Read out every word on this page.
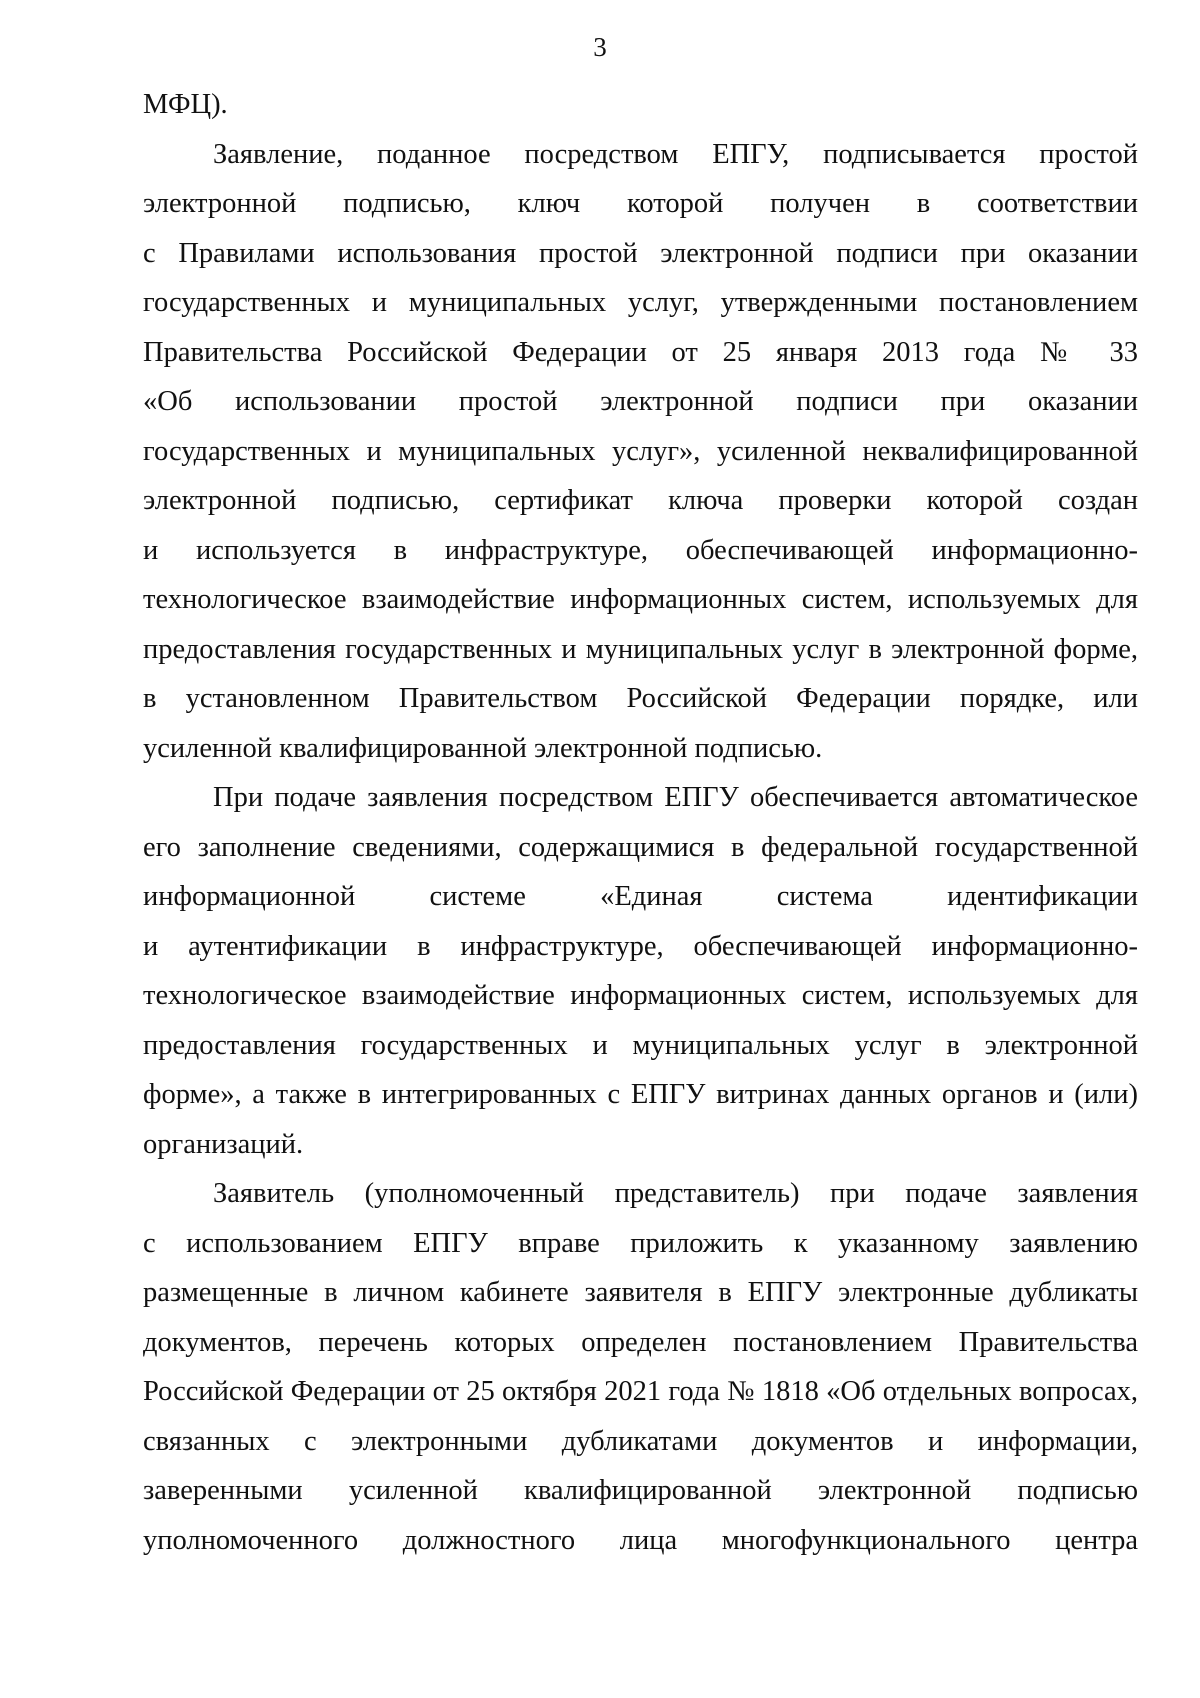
3

МФЦ).

Заявление, поданное посредством ЕПГУ, подписывается простой
электронной подписью, ключ которой получен в соответствии
с Правилами использования простой электронной подписи при оказании
государственных и муниципальных услуг, утвержденными постановлением
Правительства Российской Федерации от 25 января 2013 года № 33
«Об использовании простой электронной подписи при оказании
государственных и муниципальных услуг», усиленной неквалифицированной
электронной подписью, сертификат ключа проверки которой создан
и используется в инфраструктуре, обеспечивающей информационно-
технологическое взаимодействие информационных систем, используемых для
предоставления государственных и муниципальных услуг в электронной форме,
в установленном Правительством Российской Федерации порядке, или
усиленной квалифицированной электронной подписью.

При подаче заявления посредством ЕПГУ обеспечивается автоматическое
его заполнение сведениями, содержащимися в федеральной государственной
информационной системе «Единая система идентификации
и аутентификации в инфраструктуре, обеспечивающей информационно-
технологическое взаимодействие информационных систем, используемых для
предоставления государственных и муниципальных услуг в электронной
форме», а также в интегрированных с ЕПГУ витринах данных органов и (или)
организаций.

Заявитель (уполномоченный представитель) при подаче заявления
с использованием ЕПГУ вправе приложить к указанному заявлению
размещенные в личном кабинете заявителя в ЕПГУ электронные дубликаты
документов, перечень которых определен постановлением Правительства
Российской Федерации от 25 октября 2021 года № 1818 «Об отдельных вопросах,
связанных с электронными дубликатами документов и информации,
заверенными усиленной квалифицированной электронной подписью
уполномоченного должностного лица многофункционального центра
